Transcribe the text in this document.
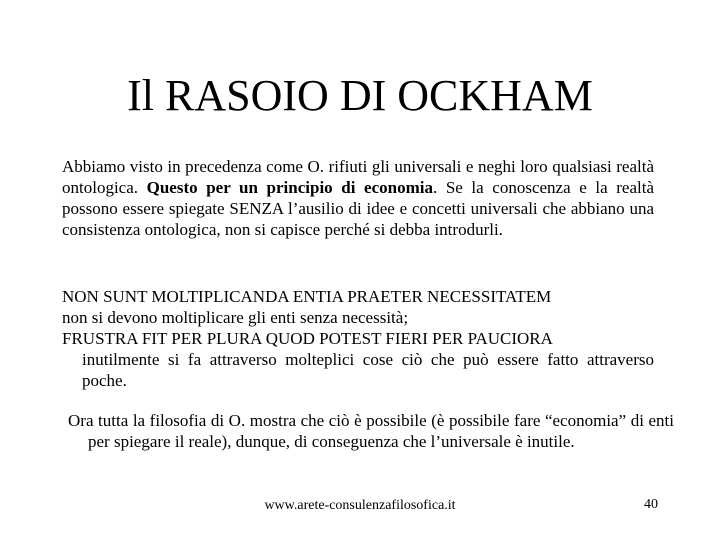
Il RASOIO DI OCKHAM
Abbiamo visto in precedenza come O. rifiuti gli universali e neghi loro qualsiasi realtà ontologica. Questo per un principio di economia. Se la conoscenza e la realtà possono essere spiegate SENZA l’ausilio di idee e concetti universali che abbiano una consistenza ontologica, non si capisce perché si debba introdurli.
NON SUNT MOLTIPLICANDA ENTIA PRAETER NECESSITATEM
non si devono moltiplicare gli enti senza necessità;
FRUSTRA FIT PER PLURA QUOD POTEST FIERI PER PAUCIORA
inutilmente si fa attraverso molteplici cose ciò che può essere fatto attraverso poche.
Ora tutta la filosofia di O. mostra che ciò è possibile (è possibile fare “economia” di enti per spiegare il reale), dunque, di conseguenza che l’universale è inutile.
www.arete-consulenzafilosofica.it	40
